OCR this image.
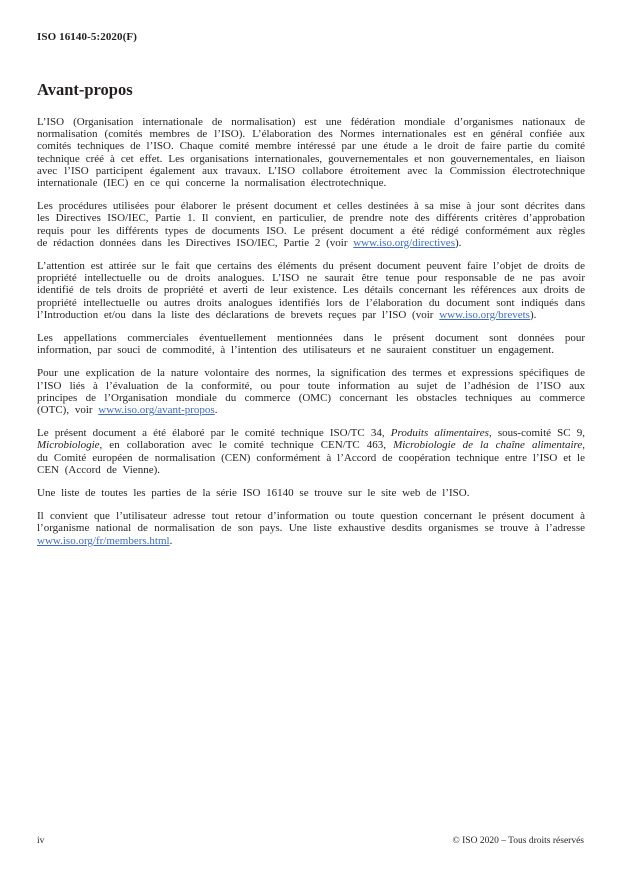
ISO 16140-5:2020(F)
Avant-propos

L’ISO (Organisation internationale de normalisation) est une fédération mondiale d’organismes nationaux de normalisation (comités membres de l’ISO). L’élaboration des Normes internationales est en général confiée aux comités techniques de l’ISO. Chaque comité membre intéressé par une étude a le droit de faire partie du comité technique créé à cet effet. Les organisations internationales, gouvernementales et non gouvernementales, en liaison avec l’ISO participent également aux travaux. L’ISO collabore étroitement avec la Commission électrotechnique internationale (IEC) en ce qui concerne la normalisation électrotechnique.

Les procédures utilisées pour élaborer le présent document et celles destinées à sa mise à jour sont décrites dans les Directives ISO/IEC, Partie 1. Il convient, en particulier, de prendre note des différents critères d’approbation requis pour les différents types de documents ISO. Le présent document a été rédigé conformément aux règles de rédaction données dans les Directives ISO/IEC, Partie 2 (voir www.iso.org/directives).

L’attention est attirée sur le fait que certains des éléments du présent document peuvent faire l’objet de droits de propriété intellectuelle ou de droits analogues. L’ISO ne saurait être tenue pour responsable de ne pas avoir identifié de tels droits de propriété et averti de leur existence. Les détails concernant les références aux droits de propriété intellectuelle ou autres droits analogues identifiés lors de l’élaboration du document sont indiqués dans l’Introduction et/ou dans la liste des déclarations de brevets reçues par l’ISO (voir www.iso.org/brevets).

Les appellations commerciales éventuellement mentionnées dans le présent document sont données pour information, par souci de commodité, à l’intention des utilisateurs et ne sauraient constituer un engagement.

Pour une explication de la nature volontaire des normes, la signification des termes et expressions spécifiques de l’ISO liés à l’évaluation de la conformité, ou pour toute information au sujet de l’adhésion de l’ISO aux principes de l’Organisation mondiale du commerce (OMC) concernant les obstacles techniques au commerce (OTC), voir www.iso.org/avant-propos.

Le présent document a été élaboré par le comité technique ISO/TC 34, Produits alimentaires, sous-comité SC 9, Microbiologie, en collaboration avec le comité technique CEN/TC 463, Microbiologie de la chaîne alimentaire, du Comité européen de normalisation (CEN) conformément à l’Accord de coopération technique entre l’ISO et le CEN (Accord de Vienne).

Une liste de toutes les parties de la série ISO 16140 se trouve sur le site web de l’ISO.

Il convient que l’utilisateur adresse tout retour d’information ou toute question concernant le présent document à l’organisme national de normalisation de son pays. Une liste exhaustive desdits organismes se trouve à l’adresse www.iso.org/fr/members.html.

iv	© ISO 2020 – Tous droits réservés
